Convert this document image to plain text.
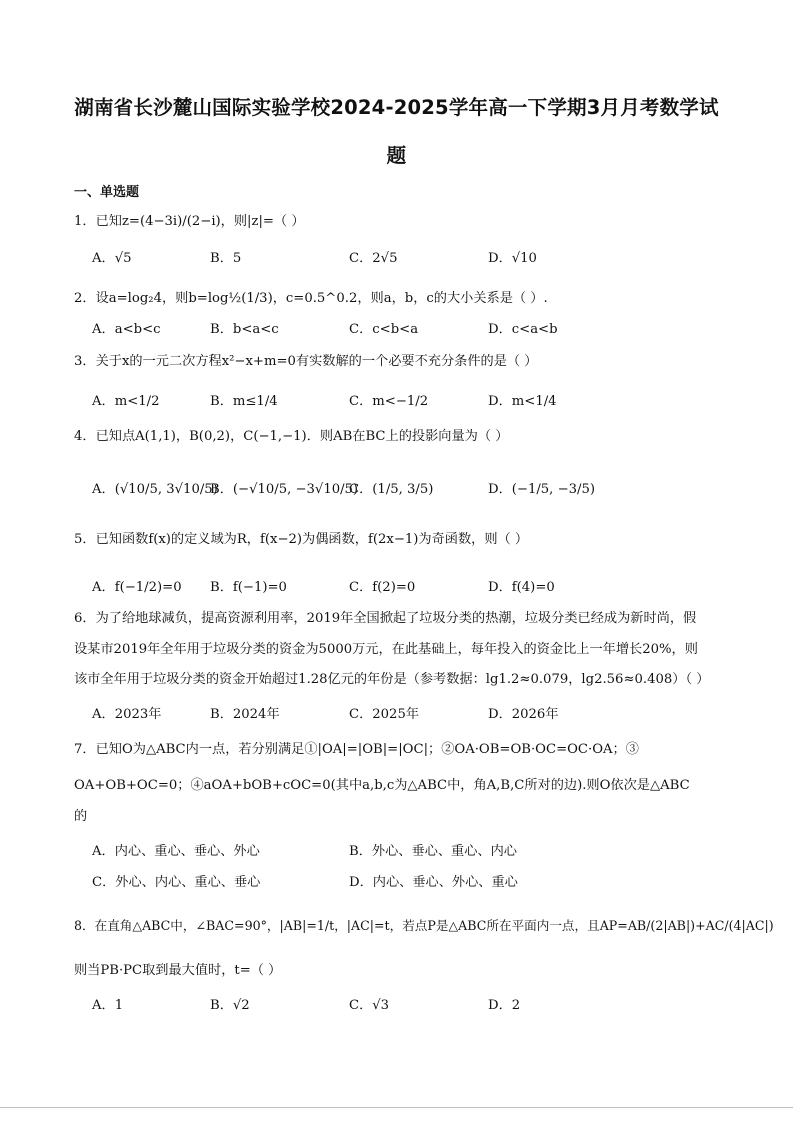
湖南省长沙麓山国际实验学校2024-2025学年高一下学期3月月考数学试
题
一、单选题
1．已知z=(4−3i)/(2−i)，则|z|=（ ）
A．√5	B．5	C．2√5	D．√10
2．设a=log₂4，则b=log½(1/3)，c=0.5^0.2，则a，b，c的大小关系是（ ）.
A．a<b<c	B．b<a<c	C．c<b<a	D．c<a<b
3．关于x的一元二次方程x²−x+m=0有实数解的一个必要不充分条件的是（ ）
A．m<1/2	B．m≤1/4	C．m<−1/2	D．m<1/4
4．已知点A(1,1)，B(0,2)，C(−1,−1)．则AB在BC上的投影向量为（ ）
A．(√10/5, 3√10/5)
B．(−√10/5, −3√10/5)
C．(1/5, 3/5)	D．(−1/5, −3/5)
5．已知函数f(x)的定义域为R，f(x−2)为偶函数，f(2x−1)为奇函数，则（ ）
A．f(−1/2)=0 B．f(−1)=0	C．f(2)=0	D．f(4)=0
6．为了给地球减负，提高资源利用率，2019年全国掀起了垃圾分类的热潮，垃圾分类已经成为新时尚，假
设某市2019年全年用于垃圾分类的资金为5000万元，在此基础上，每年投入的资金比上一年增长20%，则
该市全年用于垃圾分类的资金开始超过1.28亿元的年份是（参考数据：lg1.2≈0.079，lg2.56≈0.408）（ ）
A．2023年	B．2024年	C．2025年	D．2026年
7．已知O为△ABC内一点，若分别满足①|OA|=|OB|=|OC|；②OA·OB=OB·OC=OC·OA；③
OA+OB+OC=0；④aOA+bOB+cOC=0(其中a,b,c为△ABC中，角A,B,C所对的边).则O依次是△ABC
的
A．内心、重心、垂心、外心	B．外心、垂心、重心、内心
C．外心、内心、重心、垂心	D．内心、垂心、外心、重心
8．在直角△ABC中，∠BAC=90°，|AB|=1/t，|AC|=t，若点P是△ABC所在平面内一点，且AP=AB/(2|AB|)+AC/(4|AC|)
则当PB·PC取到最大值时，t=（ ）
A．1	B．√2	C．√3	D．2
